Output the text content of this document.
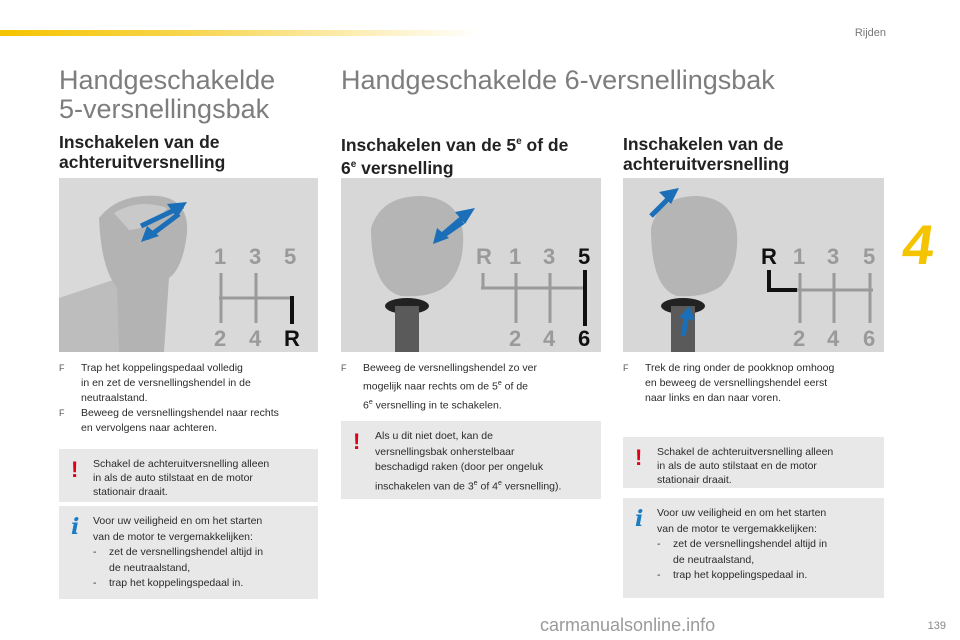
Rijden
4
Handgeschakelde
5-versnellingsbak
Inschakelen van de
achteruitversnelling
1 3 5
2 4 R
F Trap het koppelingspedaal volledig
in en zet de versnellingshendel in de
neutraalstand.
F Beweeg de versnellingshendel naar rechts
en vervolgens naar achteren.
! Schakel de achteruitversnelling alleen
in als de auto stilstaat en de motor
stationair draait.
i Voor uw veiligheid en om het starten
van de motor te vergemakkelijken:
- zet de versnellingshendel altijd in
de neutraalstand,
- trap het koppelingspedaal in.
Handgeschakelde 6-versnellingsbak
Inschakelen van de 5e of de
6e versnelling
R 1 3 5
2 4 6
F Beweeg de versnellingshendel zo ver
mogelijk naar rechts om de 5e of de
6e versnelling in te schakelen.
! Als u dit niet doet, kan de
versnellingsbak onherstelbaar
beschadigd raken (door per ongeluk
inschakelen van de 3e of 4e versnelling).
Inschakelen van de
achteruitversnelling
R 1 3 5
2 4 6
F Trek de ring onder de pookknop omhoog
en beweeg de versnellingshendel eerst
naar links en dan naar voren.
! Schakel de achteruitversnelling alleen
in als de auto stilstaat en de motor
stationair draait.
i Voor uw veiligheid en om het starten
van de motor te vergemakkelijken:
- zet de versnellingshendel altijd in
de neutraalstand,
- trap het koppelingspedaal in.
carmanualsonline.info	139
